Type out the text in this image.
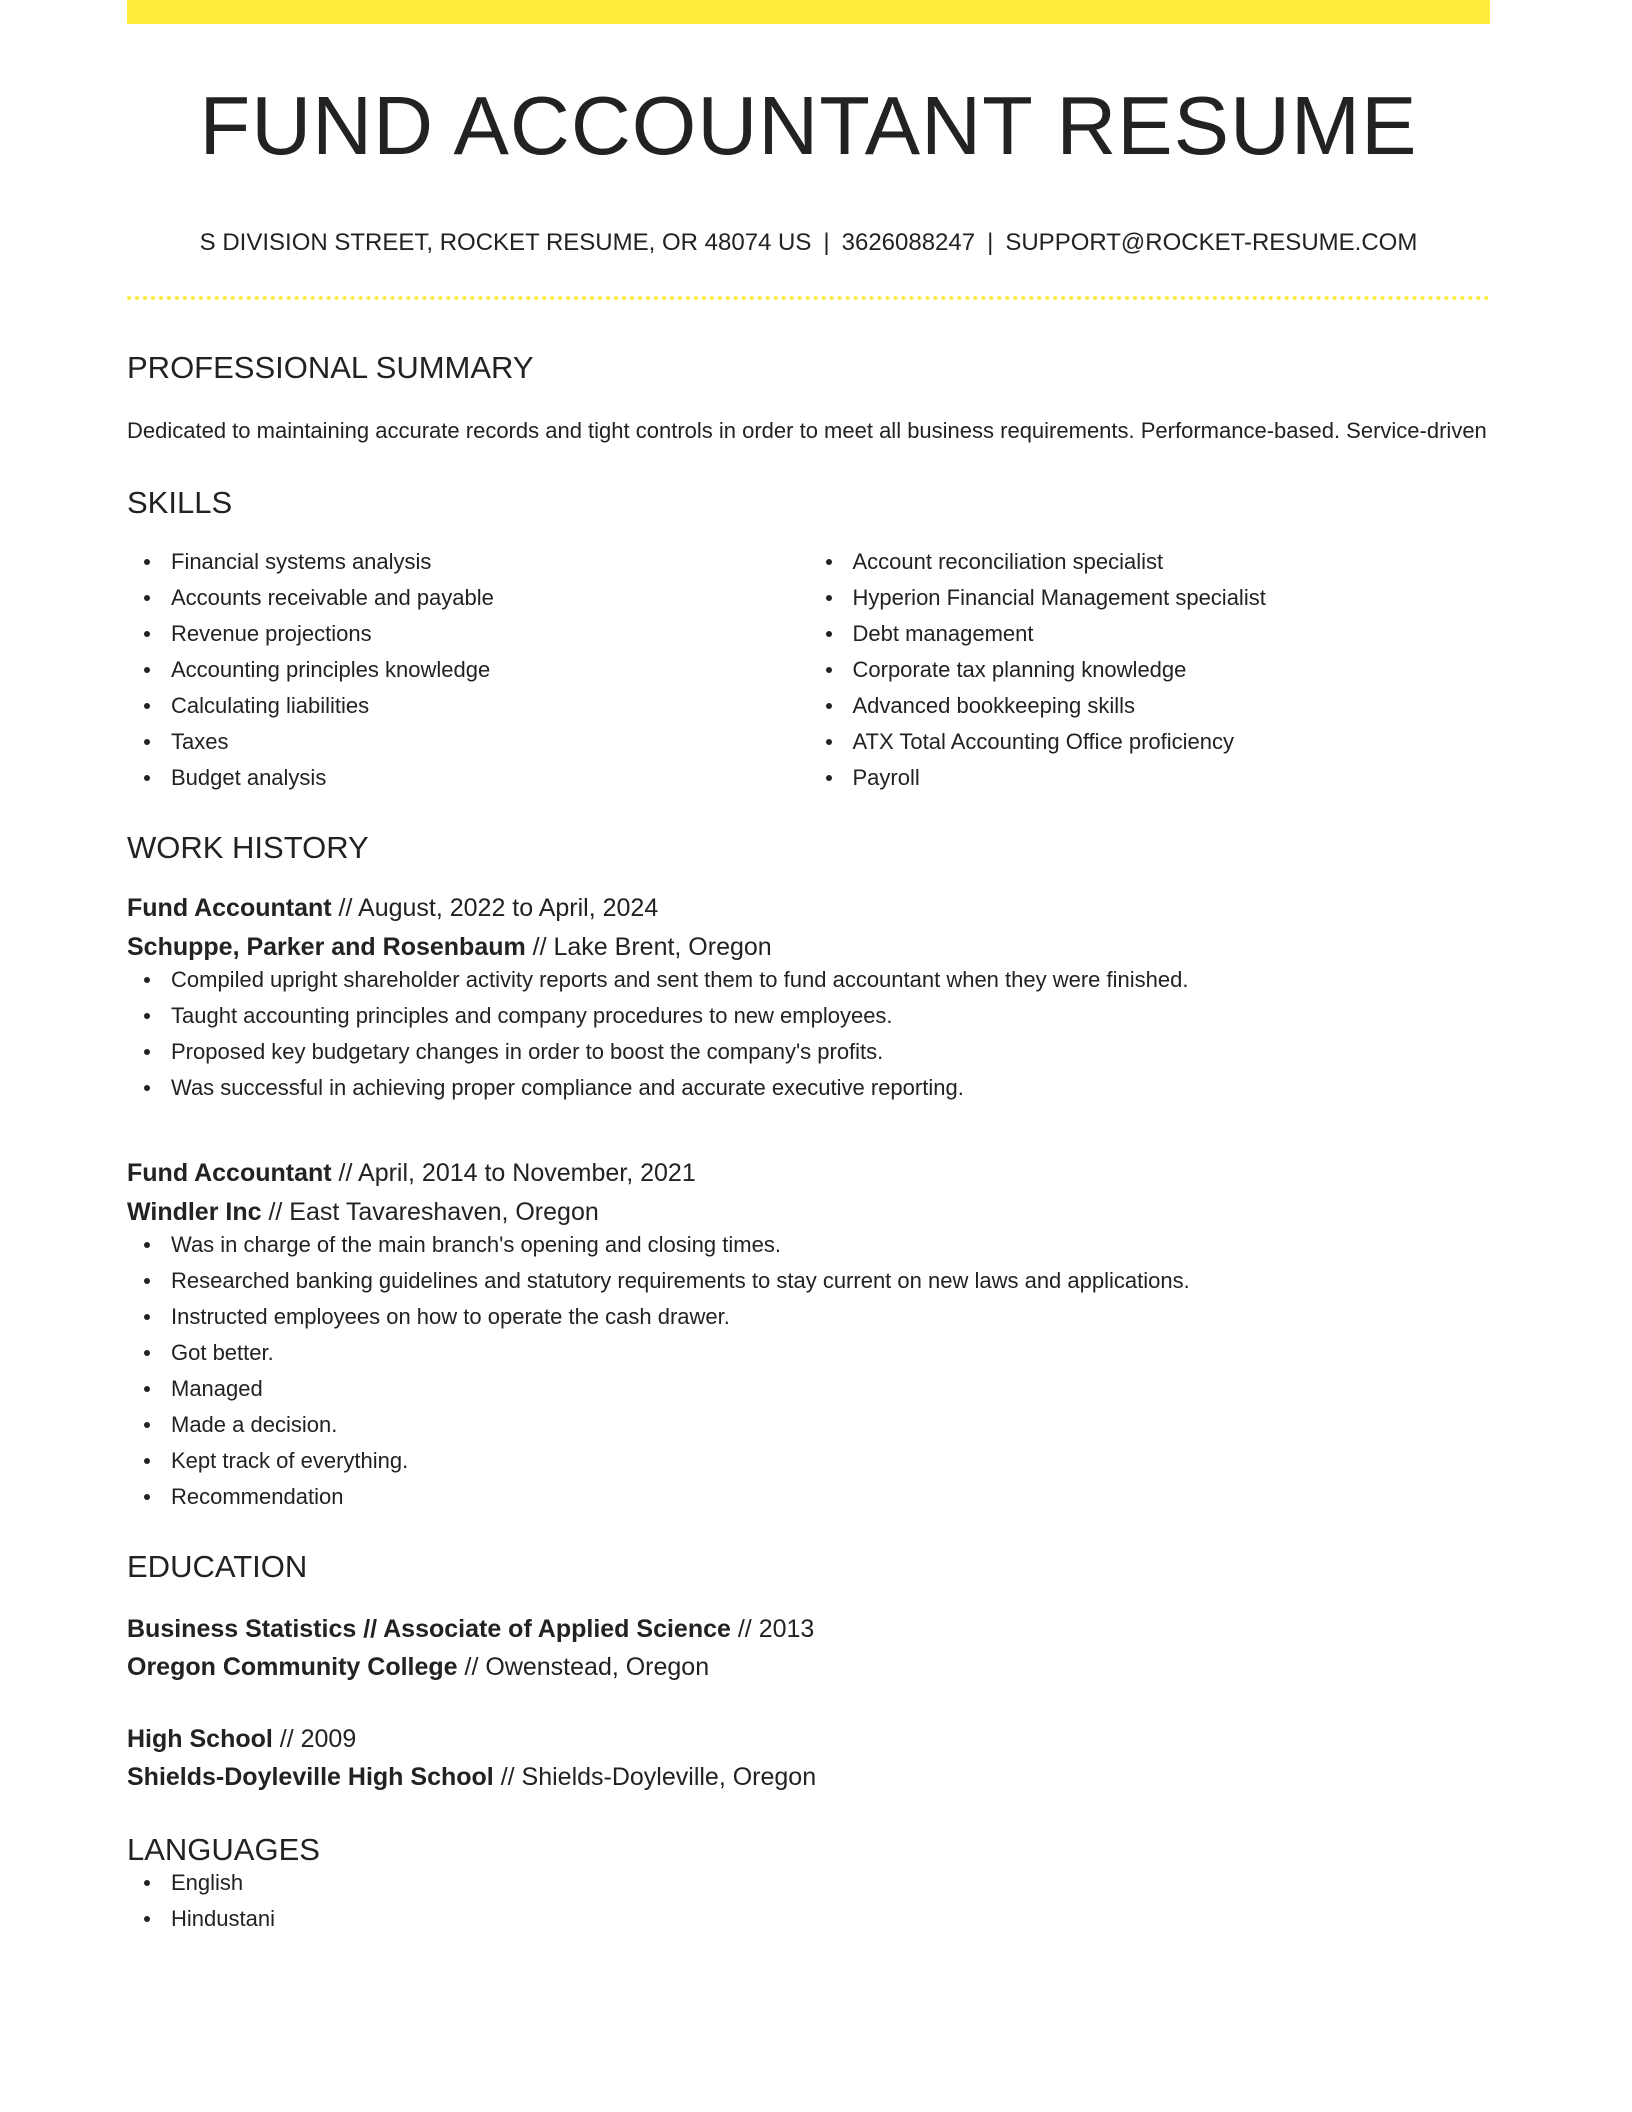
FUND ACCOUNTANT RESUME
S DIVISION STREET, ROCKET RESUME, OR 48074 US | 3626088247 | SUPPORT@ROCKET-RESUME.COM
PROFESSIONAL SUMMARY

Dedicated to maintaining accurate records and tight controls in order to meet all business requirements. Performance-based. Service-driven

SKILLS
Financial systems analysis
Accounts receivable and payable
Revenue projections
Accounting principles knowledge
Calculating liabilities
Taxes
Budget analysis
Account reconciliation specialist
Hyperion Financial Management specialist
Debt management
Corporate tax planning knowledge
Advanced bookkeeping skills
ATX Total Accounting Office proficiency
Payroll
WORK HISTORY
Fund Accountant // August, 2022 to April, 2024
Schuppe, Parker and Rosenbaum // Lake Brent, Oregon
Compiled upright shareholder activity reports and sent them to fund accountant when they were finished.
Taught accounting principles and company procedures to new employees.
Proposed key budgetary changes in order to boost the company's profits.
Was successful in achieving proper compliance and accurate executive reporting.
Fund Accountant // April, 2014 to November, 2021
Windler Inc // East Tavareshaven, Oregon
Was in charge of the main branch's opening and closing times.
Researched banking guidelines and statutory requirements to stay current on new laws and applications.
Instructed employees on how to operate the cash drawer.
Got better.
Managed
Made a decision.
Kept track of everything.
Recommendation
EDUCATION
Business Statistics // Associate of Applied Science // 2013
Oregon Community College // Owenstead, Oregon
High School // 2009
Shields-Doyleville High School // Shields-Doyleville, Oregon
LANGUAGES
English
Hindustani
